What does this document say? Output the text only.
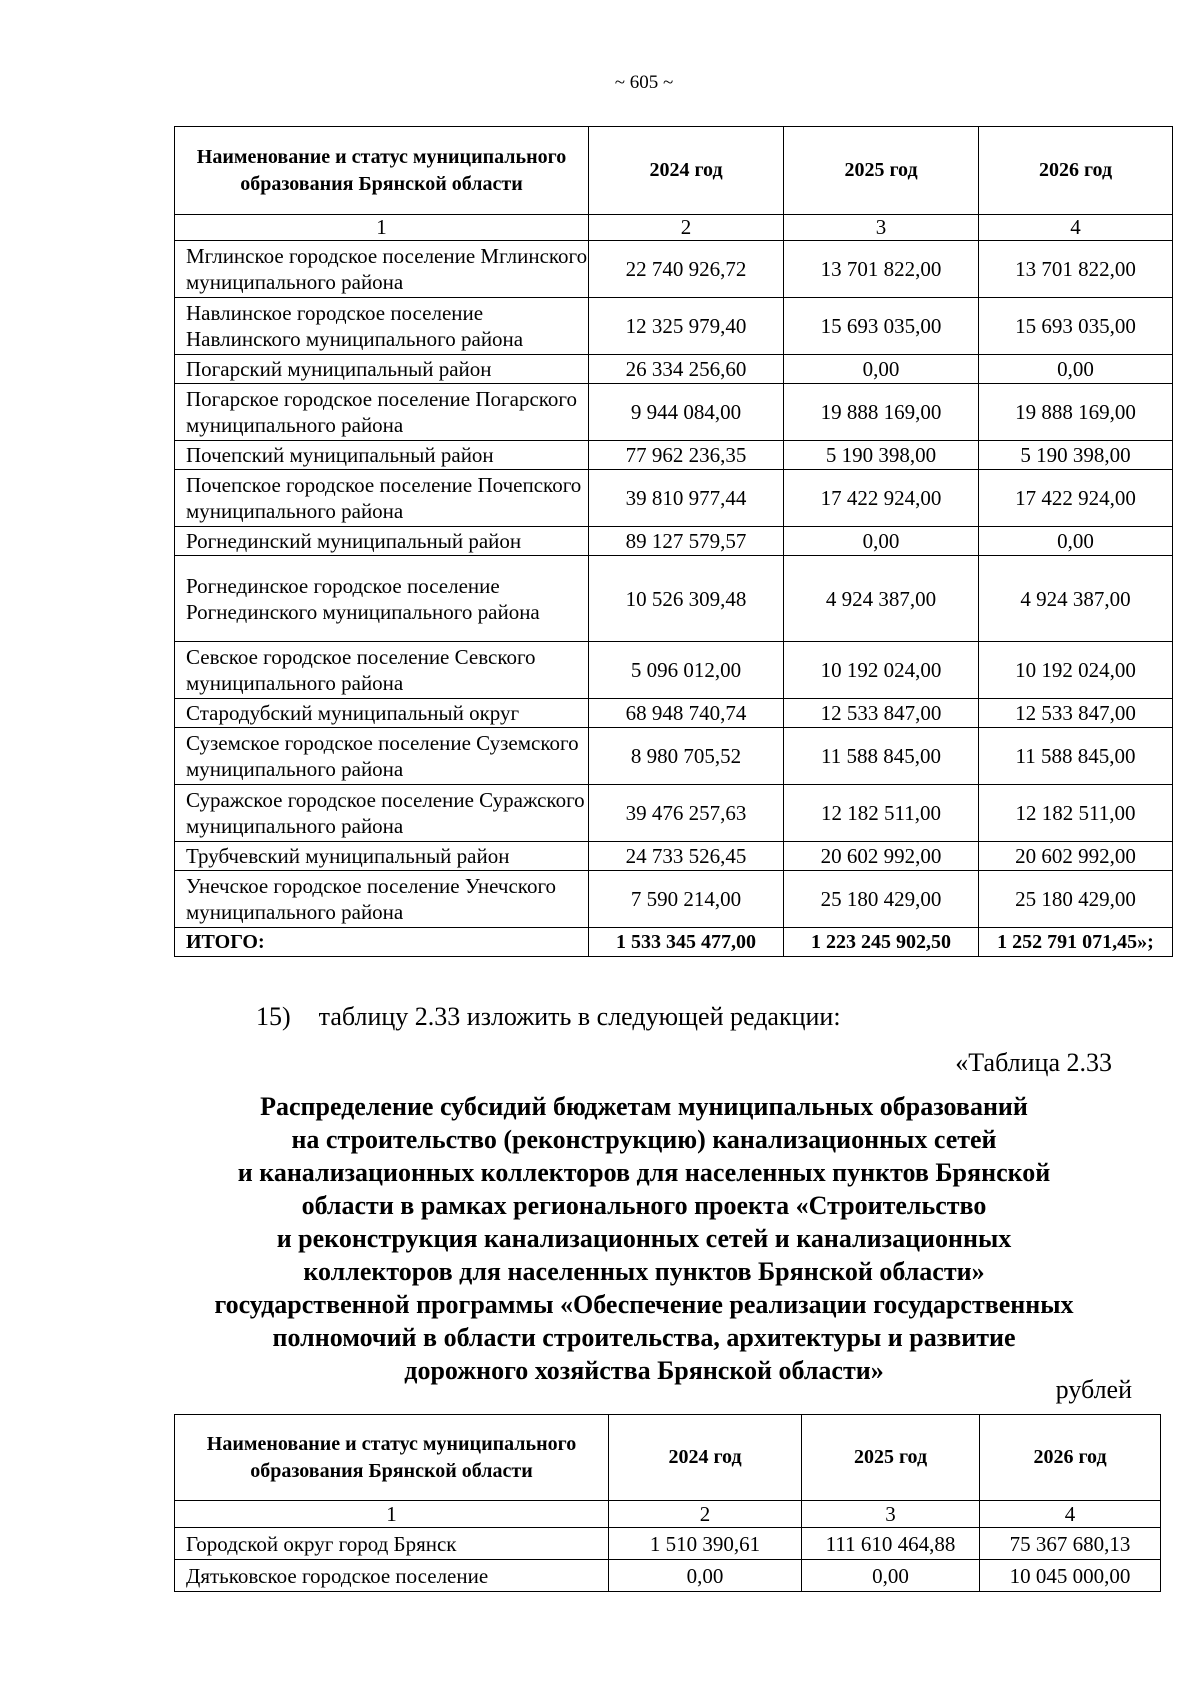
~ 605 ~
Наименование и статус муниципального образования Брянской области	2024 год	2025 год	2026 год
1	2	3	4
Мглинское городское поселение Мглинского муниципального района	22 740 926,72	13 701 822,00	13 701 822,00
Навлинское городское поселение Навлинского муниципального района	12 325 979,40	15 693 035,00	15 693 035,00
Погарский муниципальный район	26 334 256,60	0,00	0,00
Погарское городское поселение Погарского муниципального района	9 944 084,00	19 888 169,00	19 888 169,00
Почепский муниципальный район	77 962 236,35	5 190 398,00	5 190 398,00
Почепское городское поселение Почепского муниципального района	39 810 977,44	17 422 924,00	17 422 924,00
Рогнединский муниципальный район	89 127 579,57	0,00	0,00
Рогнединское городское поселение Рогнединского муниципального района	10 526 309,48	4 924 387,00	4 924 387,00
Севское городское поселение Севского муниципального района	5 096 012,00	10 192 024,00	10 192 024,00
Стародубский муниципальный округ	68 948 740,74	12 533 847,00	12 533 847,00
Суземское городское поселение Суземского муниципального района	8 980 705,52	11 588 845,00	11 588 845,00
Суражское городское поселение Суражского муниципального района	39 476 257,63	12 182 511,00	12 182 511,00
Трубчевский муниципальный район	24 733 526,45	20 602 992,00	20 602 992,00
Унечское городское поселение Унечского муниципального района	7 590 214,00	25 180 429,00	25 180 429,00
ИТОГО:	1 533 345 477,00	1 223 245 902,50	1 252 791 071,45»;
15) таблицу 2.33 изложить в следующей редакции:
«Таблица 2.33
Распределение субсидий бюджетам муниципальных образований
на строительство (реконструкцию) канализационных сетей
и канализационных коллекторов для населенных пунктов Брянской
области в рамках регионального проекта «Строительство
и реконструкция канализационных сетей и канализационных
коллекторов для населенных пунктов Брянской области»
государственной программы «Обеспечение реализации государственных
полномочий в области строительства, архитектуры и развитие
дорожного хозяйства Брянской области»
рублей
Наименование и статус муниципального образования Брянской области	2024 год	2025 год	2026 год
1	2	3	4
Городской округ город Брянск	1 510 390,61	111 610 464,88	75 367 680,13
Дятьковское городское поселение	0,00	0,00	10 045 000,00
